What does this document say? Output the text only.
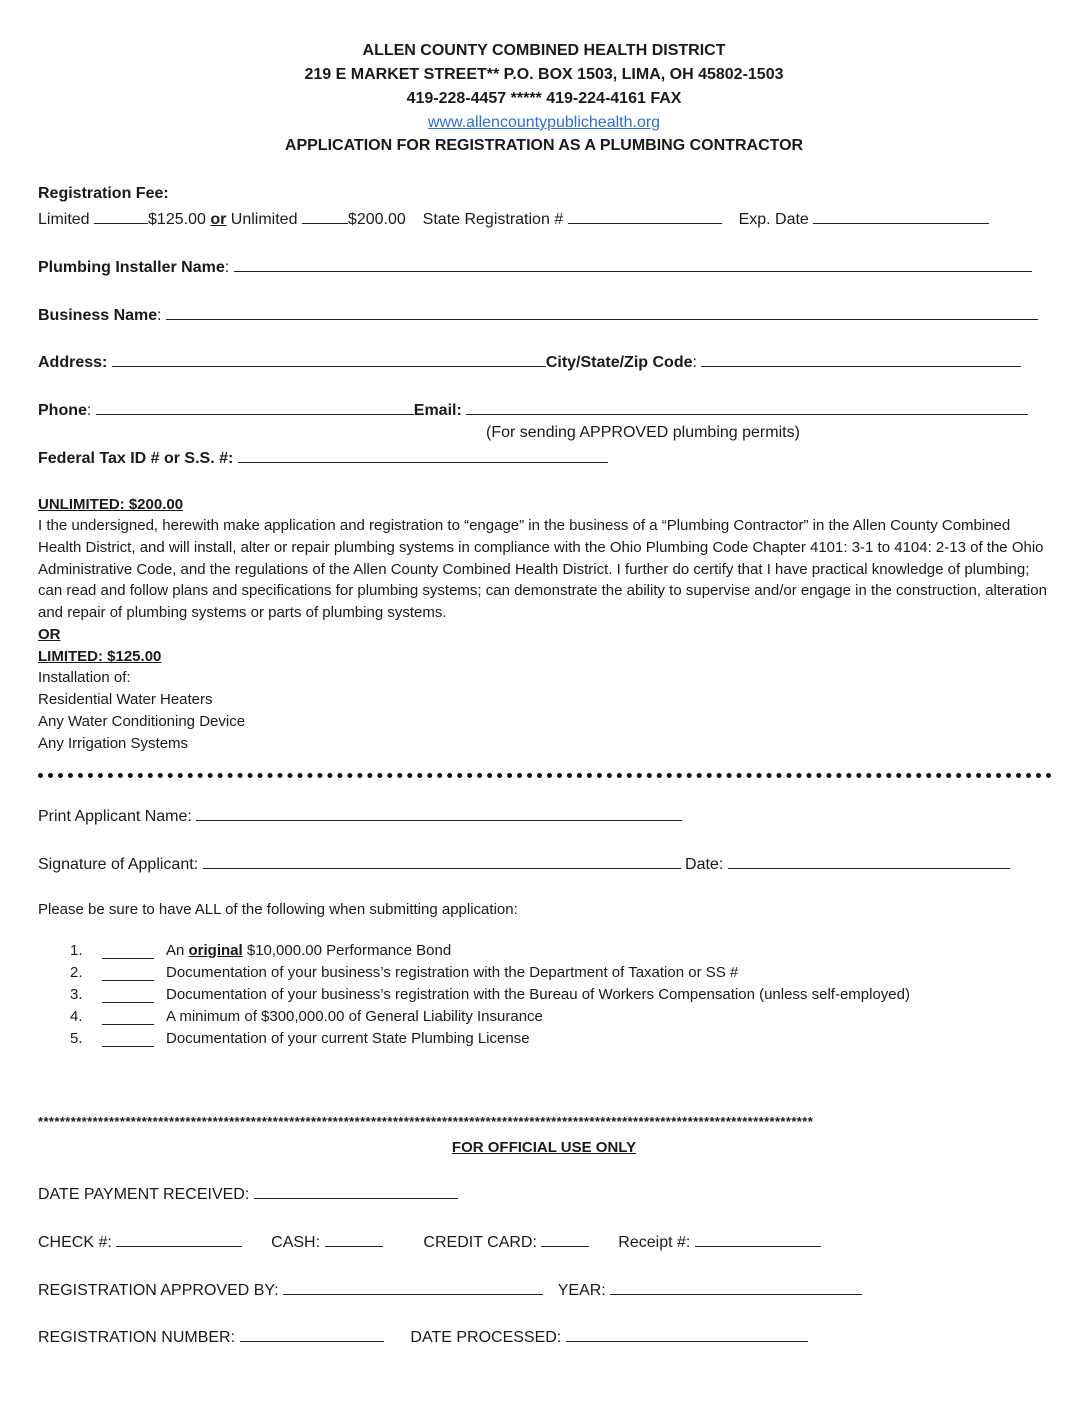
ALLEN COUNTY COMBINED HEALTH DISTRICT
219 E MARKET STREET** P.O. BOX 1503, LIMA, OH 45802-1503
419-228-4457 ***** 419-224-4161 FAX
www.allencountypublichealth.org
APPLICATION FOR REGISTRATION AS A PLUMBING CONTRACTOR
Registration Fee:
Limited	$125.00 or Unlimited	$200.00 State Registration #	Exp. Date
Plumbing Installer Name:
Business Name:
Address:	City/State/Zip Code:
Phone:	Email:
(For sending APPROVED plumbing permits)
Federal Tax ID # or S.S. #:
UNLIMITED: $200.00
I the undersigned, herewith make application and registration to “engage” in the business of a “Plumbing Contractor” in the Allen County Combined Health District, and will install, alter or repair plumbing systems in compliance with the Ohio Plumbing Code Chapter 4101: 3-1 to 4104: 2-13 of the Ohio Administrative Code, and the regulations of the Allen County Combined Health District. I further do certify that I have practical knowledge of plumbing; can read and follow plans and specifications for plumbing systems; can demonstrate the ability to supervise and/or engage in the construction, alteration and repair of plumbing systems or parts of plumbing systems.
OR
LIMITED: $125.00
Installation of:
Residential Water Heaters
Any Water Conditioning Device
Any Irrigation Systems
Print Applicant Name:
Signature of Applicant:	Date:
Please be sure to have ALL of the following when submitting application:
1.	An original $10,000.00 Performance Bond
2.	Documentation of your business’s registration with the Department of Taxation or SS #
3.	Documentation of your business’s registration with the Bureau of Workers Compensation (unless self-employed)
4.	A minimum of $300,000.00 of General Liability Insurance
5.	Documentation of your current State Plumbing License
**********************************************************************************************************************************************
FOR OFFICIAL USE ONLY
DATE PAYMENT RECEIVED:
CHECK #:	CASH:	CREDIT CARD:	Receipt #:
REGISTRATION APPROVED BY:	YEAR:
REGISTRATION NUMBER:	DATE PROCESSED:
